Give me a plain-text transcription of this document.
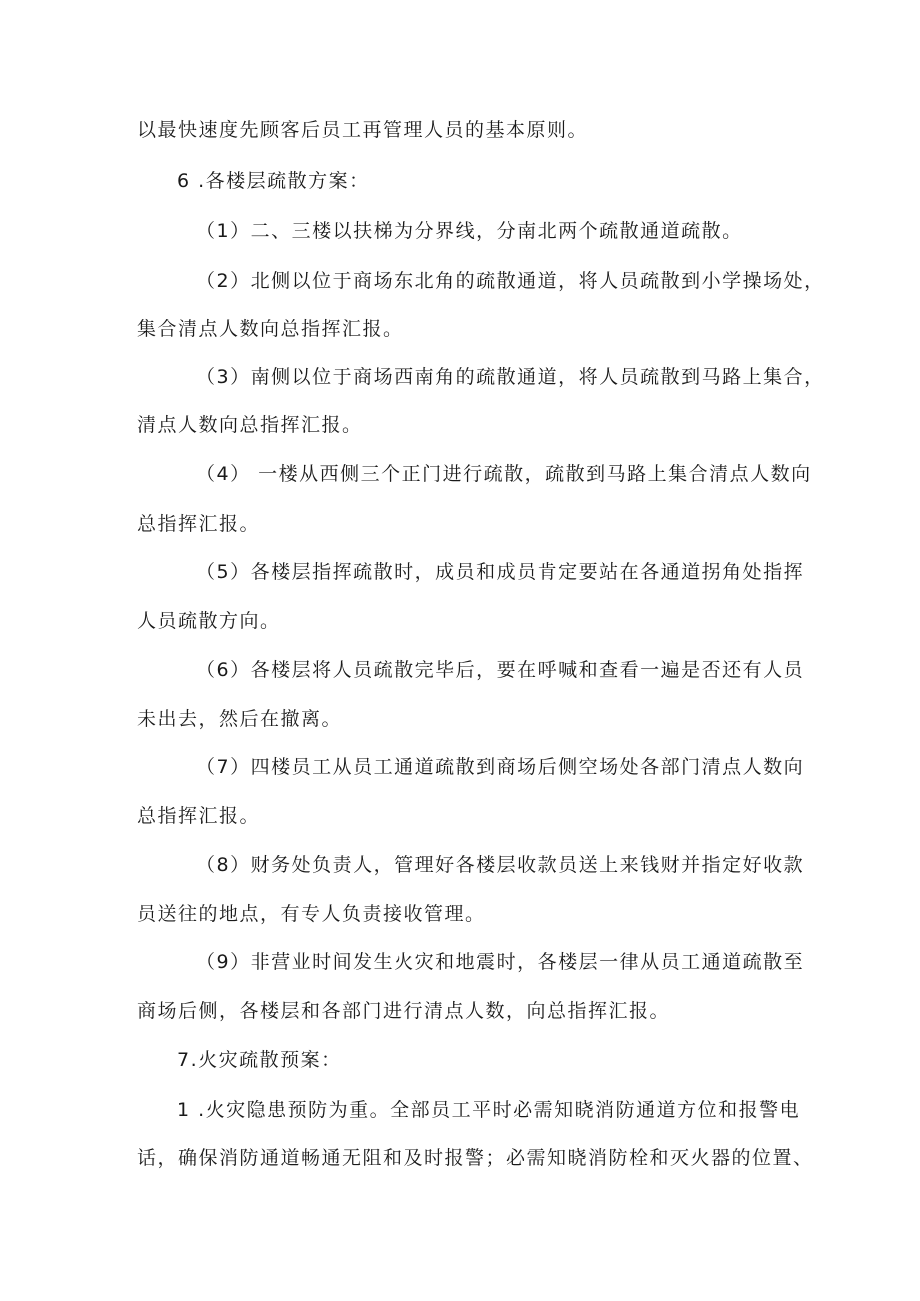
以最快速度先顾客后员工再管理人员的基本原则。
6 .各楼层疏散方案：
（1）二、三楼以扶梯为分界线，分南北两个疏散通道疏散。
（2）北侧以位于商场东北角的疏散通道，将人员疏散到小学操场处，
集合清点人数向总指挥汇报。
（3）南侧以位于商场西南角的疏散通道，将人员疏散到马路上集合，
清点人数向总指挥汇报。
（4） 一楼从西侧三个正门进行疏散，疏散到马路上集合清点人数向
总指挥汇报。
（5）各楼层指挥疏散时，成员和成员肯定要站在各通道拐角处指挥
人员疏散方向。
（6）各楼层将人员疏散完毕后，要在呼喊和查看一遍是否还有人员
未出去，然后在撤离。
（7）四楼员工从员工通道疏散到商场后侧空场处各部门清点人数向
总指挥汇报。
（8）财务处负责人，管理好各楼层收款员送上来钱财并指定好收款
员送往的地点，有专人负责接收管理。
（9）非营业时间发生火灾和地震时，各楼层一律从员工通道疏散至
商场后侧，各楼层和各部门进行清点人数，向总指挥汇报。
7.火灾疏散预案：
1 .火灾隐患预防为重。全部员工平时必需知晓消防通道方位和报警电
话，确保消防通道畅通无阻和及时报警；必需知晓消防栓和灭火器的位置、
